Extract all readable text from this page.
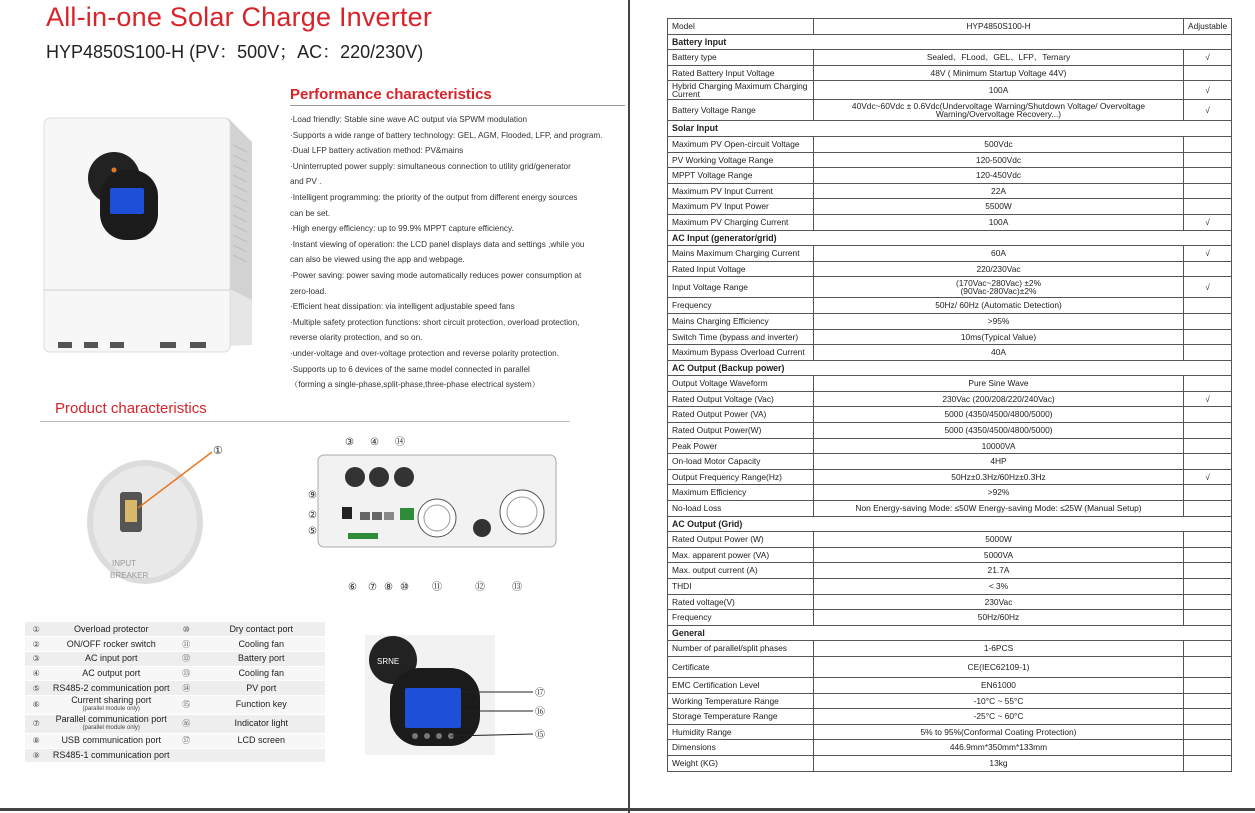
All-in-one Solar Charge Inverter
HYP4850S100-H (PV：500V；AC：220/230V)
Performance characteristics
·Load friendly: Stable sine wave AC output via SPWM modulation
·Supports a wide range of battery technology: GEL, AGM, Flooded, LFP, and program.
·Dual LFP battery activation method: PV&mains
·Uninterrupted power supply: simultaneous connection to utility grid/generator
and PV .
·Intelligent programming: the priority of the output from different energy sources
can be set.
·High energy efficiency: up to 99.9% MPPT capture efficiency.
·Instant viewing of operation: the LCD panel displays data and settings ,while you
can also be viewed using the app and webpage.
·Power saving: power saving mode automatically reduces power consumption at
zero-load.
·Efficient heat dissipation: via intelligent adjustable speed fans
·Multiple safety protection functions: short circuit protection, overload protection,
reverse olarity protection, and so on.
·under-voltage and over-voltage protection and reverse polarity protection.
·Supports up to 6 devices of the same model connected in parallel
（forming a single-phase,split-phase,three-phase electrical system）
Product characteristics
INPUT
BREAKER
①
③ ④ ⑭
⑨
②
⑤
⑥ ⑦ ⑧ ⑩ ⑪	⑫	⑬
①	Overload protector	⑩	Dry contact port
②	ON/OFF rocker switch	⑪	Cooling fan
③	AC input port	⑫	Battery port
④	AC output port	⑬	Cooling fan
⑤	RS485-2 communication port	⑭	PV port
⑥	Current sharing port
(parallel module only)	⑮	Function key
⑦	Parallel communication port
(parallel module only)	⑯	Indicator light
⑧	USB communication port	⑰	LCD screen
⑨	RS485-1 communication port		
SRNE
⑰
⑯
⑮
Model	HYP4850S100-H	Adjustable
Battery Input		
Battery type	Sealed、FLood、GEL、LFP、Ternary	√
Rated Battery Input Voltage	48V ( Minimum Startup Voltage 44V)	

Hybrid Charging Maximum Charging Current	100A	√
Battery Voltage Range	40Vdc~60Vdc ± 0.6Vdc(Undervoltage Warning/Shutdown Voltage/ Overvoltage Warning/Overvoltage Recovery...)	√
Solar Input		
Maximum PV Open-circuit Voltage	500Vdc	

PV Working Voltage Range	120-500Vdc	

MPPT Voltage Range	120-450Vdc	

Maximum PV Input Current	22A	

Maximum PV Input Power	5500W	

Maximum PV Charging Current	100A	√
AC Input (generator/grid)		
Mains Maximum Charging Current	60A	√
Rated Input Voltage	220/230Vac	

Input Voltage Range	(170Vac~280Vac) ±2%
(90Vac-280Vac)±2%	√
Frequency	50Hz/ 60Hz (Automatic Detection)	

Mains Charging Efficiency	>95%	

Switch Time (bypass and inverter)	10ms(Typical Value)	

Maximum Bypass Overload Current	40A	

AC Output (Backup power)		
Output Voltage Waveform	Pure Sine Wave	

Rated Output Voltage (Vac)	230Vac (200/208/220/240Vac)	√
Rated Output Power (VA)	5000 (4350/4500/4800/5000)	

Rated Output Power(W)	5000 (4350/4500/4800/5000)	

Peak Power	10000VA	

On-load Motor Capacity	4HP	

Output Frequency Range(Hz)	50Hz±0.3Hz/60Hz±0.3Hz	√
Maximum Efficiency	>92%	

No-load Loss	Non Energy-saving Mode: ≤50W Energy-saving Mode: ≤25W (Manual Setup)	

AC Output (Grid)		
Rated Output Power (W)	5000W	

Max. apparent power (VA)	5000VA	

Max. output current (A)	21.7A	

THDI	< 3%	

Rated voltage(V)	230Vac	

Frequency	50Hz/60Hz	

General		
Number of parallel/split phases	1-6PCS	

Certificate	CE(IEC62109-1)	

EMC Certification Level	EN61000	

Working Temperature Range	-10°C ~ 55°C	

Storage Temperature Range	-25°C ~ 60°C	

Humidity Range	5% to 95%(Conformal Coating Protection)	

Dimensions	446.9mm*350mm*133mm	

Weight (KG)	13kg	
